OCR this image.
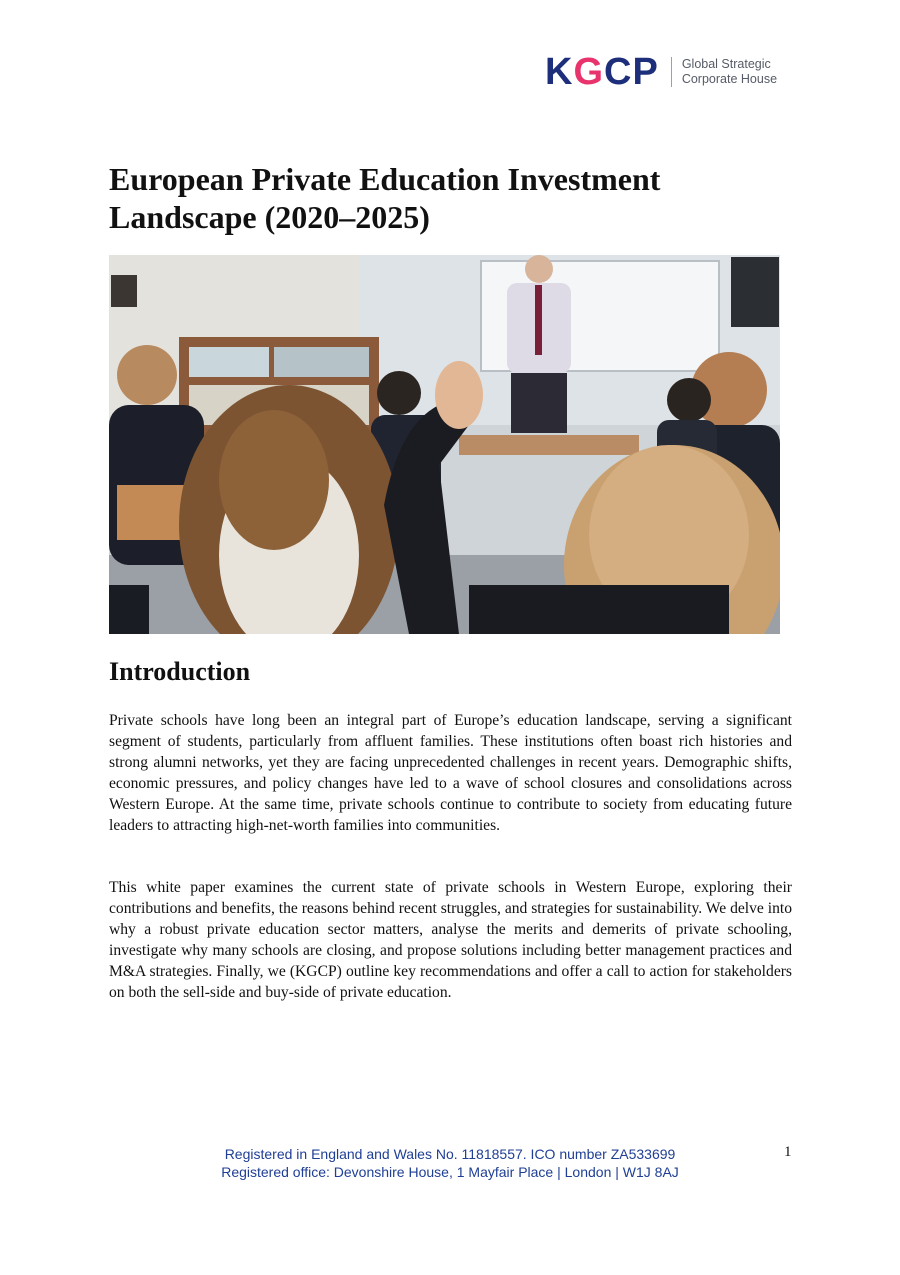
KGCP Global Strategic
Corporate House
European Private Education Investment Landscape (2020–2025)
Introduction

Private schools have long been an integral part of Europe’s education landscape, serving a significant segment of students, particularly from affluent families. These institutions often boast rich histories and strong alumni networks, yet they are facing unprecedented challenges in recent years. Demographic shifts, economic pressures, and policy changes have led to a wave of school closures and consolidations across Western Europe. At the same time, private schools continue to contribute to society from educating future leaders to attracting high-net-worth families into communities.

This white paper examines the current state of private schools in Western Europe, exploring their contributions and benefits, the reasons behind recent struggles, and strategies for sustainability. We delve into why a robust private education sector matters, analyse the merits and demerits of private schooling, investigate why many schools are closing, and propose solutions including better management practices and M&A strategies. Finally, we (KGCP) outline key recommendations and offer a call to action for stakeholders on both the sell-side and buy-side of private education.

Registered in England and Wales No. 11818557. ICO number ZA533699
Registered office: Devonshire House, 1 Mayfair Place | London | W1J 8AJ
1
